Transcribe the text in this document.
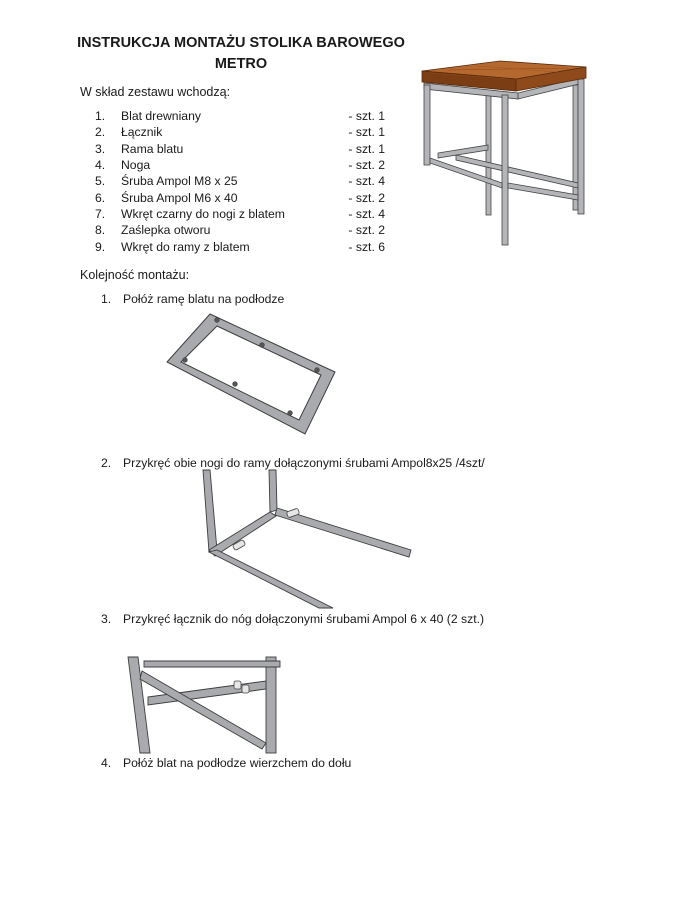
INSTRUKCJA MONTAŻU STOLIKA BAROWEGO
METRO
W skład zestawu wchodzą:
1.	Blat drewniany	- szt. 1
2.	Łącznik	- szt. 1
3.	Rama blatu	- szt. 1
4.	Noga	- szt. 2
5.	Śruba Ampol M8 x 25	- szt. 4
6.	Śruba Ampol M6 x 40	- szt. 2
7.	Wkręt czarny do nogi z blatem	- szt. 4
8.	Zaślepka otworu	- szt. 2
9.	Wkręt do ramy z blatem	- szt. 6
Kolejność montażu:
1. Połóż ramę blatu na podłodze
2. Przykręć obie nogi do ramy dołączonymi śrubami Ampol8x25 /4szt/
3. Przykręć łącznik do nóg dołączonymi śrubami Ampol 6 x 40 (2 szt.)
4. Połóż blat na podłodze wierzchem do dołu
